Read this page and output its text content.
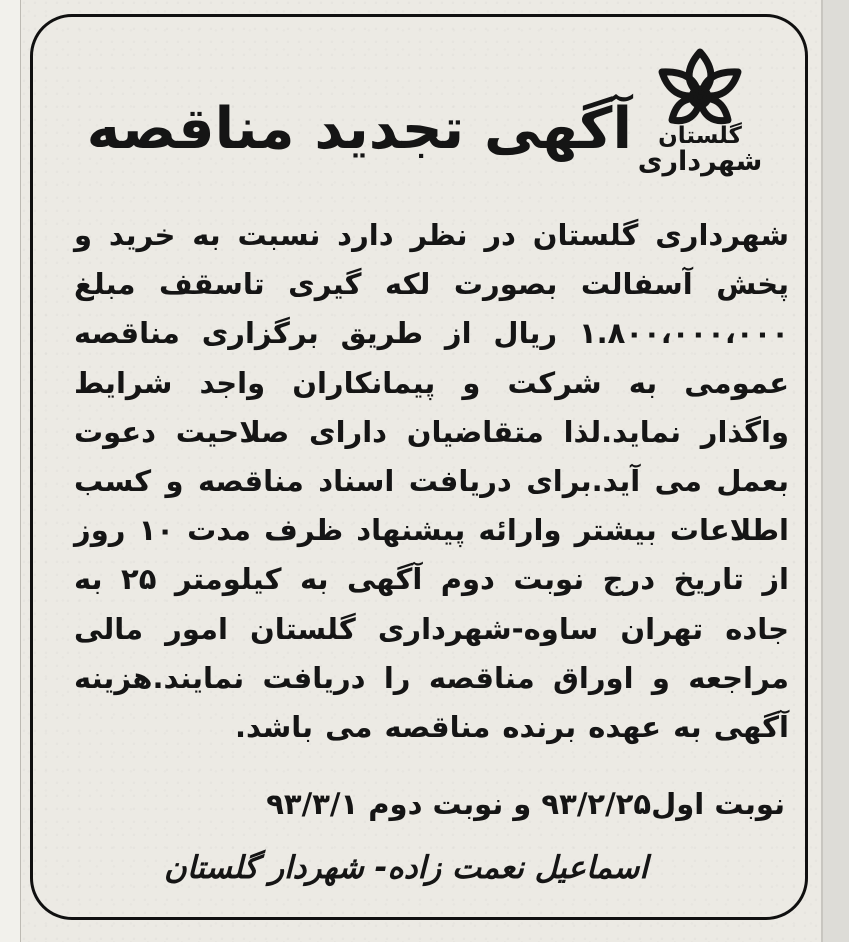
گلستان
شهرداری
آگهی تجدید مناقصه

شهرداری گلستان در نظر دارد نسبت به خرید و پخش آسفالت بصورت لکه گیری تاسقف مبلغ ۱.۸۰۰،۰۰۰،۰۰۰ ریال از طریق برگزاری مناقصه عمومی به شرکت و پیمانکاران واجد شرایط واگذار نماید.لذا متقاضیان دارای صلاحیت دعوت بعمل می آید.برای دریافت اسناد مناقصه و کسب اطلاعات بیشتر وارائه پیشنهاد ظرف مدت ۱۰ روز از تاریخ درج نوبت دوم آگهی به کیلومتر ۲۵ به جاده تهران ساوه-شهرداری گلستان امور مالی مراجعه و اوراق مناقصه را دریافت نمایند.هزینه آگهی به عهده برنده مناقصه می باشد.

نوبت اول۹۳/۲/۲۵ و نوبت دوم ۹۳/۳/۱
اسماعیل نعمت زاده- شهردار گلستان
